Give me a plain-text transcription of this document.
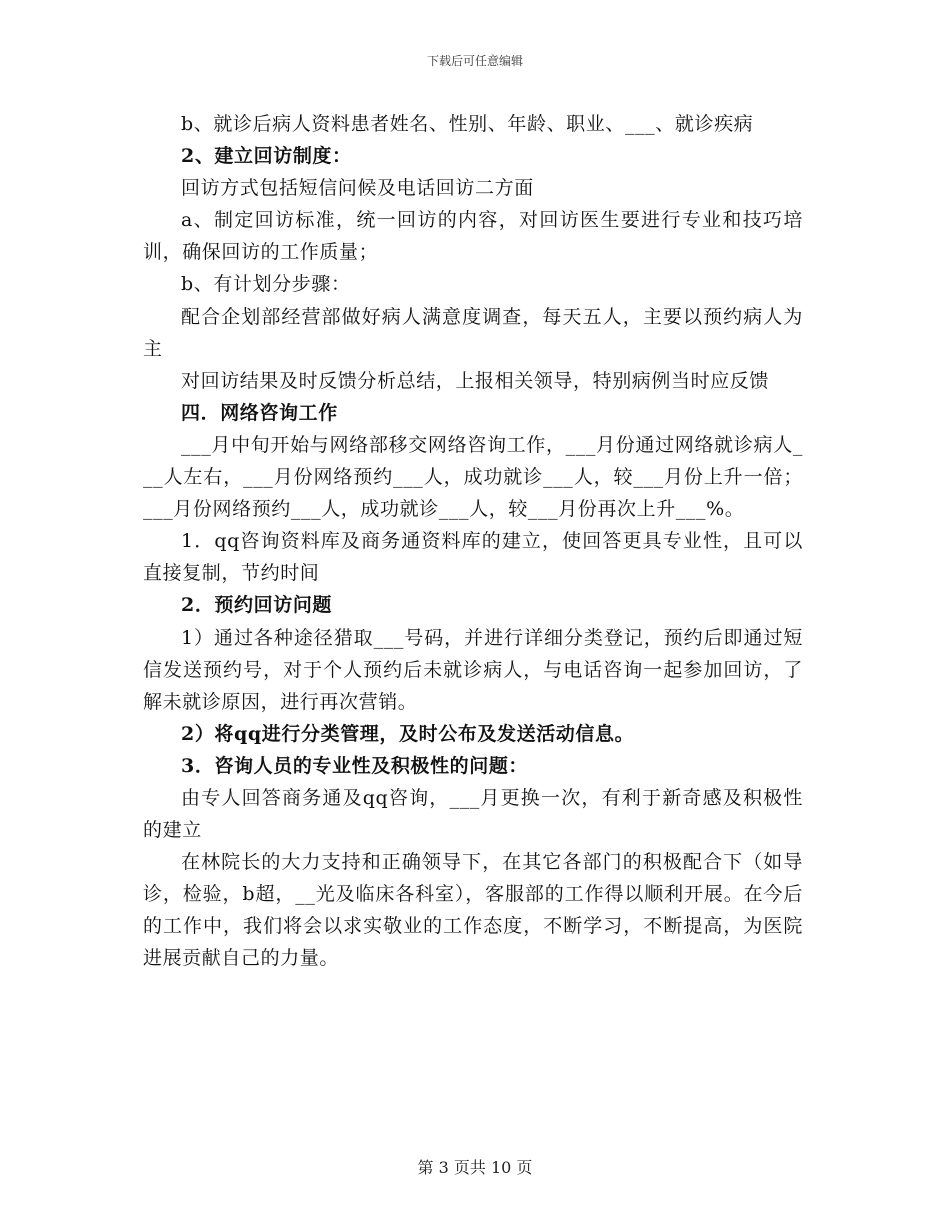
下载后可任意编辑

b、就诊后病人资料患者姓名、性别、年龄、职业、___、就诊疾病

2、建立回访制度：

回访方式包括短信问候及电话回访二方面

a、制定回访标准，统一回访的内容，对回访医生要进行专业和技巧培训，确保回访的工作质量；

b、有计划分步骤：

配合企划部经营部做好病人满意度调查，每天五人，主要以预约病人为主

对回访结果及时反馈分析总结，上报相关领导，特别病例当时应反馈

四．网络咨询工作

___月中旬开始与网络部移交网络咨询工作，___月份通过网络就诊病人___人左右，___月份网络预约___人，成功就诊___人，较___月份上升一倍；___月份网络预约___人，成功就诊___人，较___月份再次上升___%。

1．qq咨询资料库及商务通资料库的建立，使回答更具专业性，且可以直接复制，节约时间

2．预约回访问题

1）通过各种途径猎取___号码，并进行详细分类登记，预约后即通过短信发送预约号，对于个人预约后未就诊病人，与电话咨询一起参加回访，了解未就诊原因，进行再次营销。

2）将qq进行分类管理，及时公布及发送活动信息。

3．咨询人员的专业性及积极性的问题：

由专人回答商务通及qq咨询，___月更换一次，有利于新奇感及积极性的建立

在林院长的大力支持和正确领导下，在其它各部门的积极配合下（如导诊，检验，b超，__光及临床各科室），客服部的工作得以顺利开展。在今后的工作中，我们将会以求实敬业的工作态度，不断学习，不断提高，为医院进展贡献自己的力量。

第 3 页共 10 页
